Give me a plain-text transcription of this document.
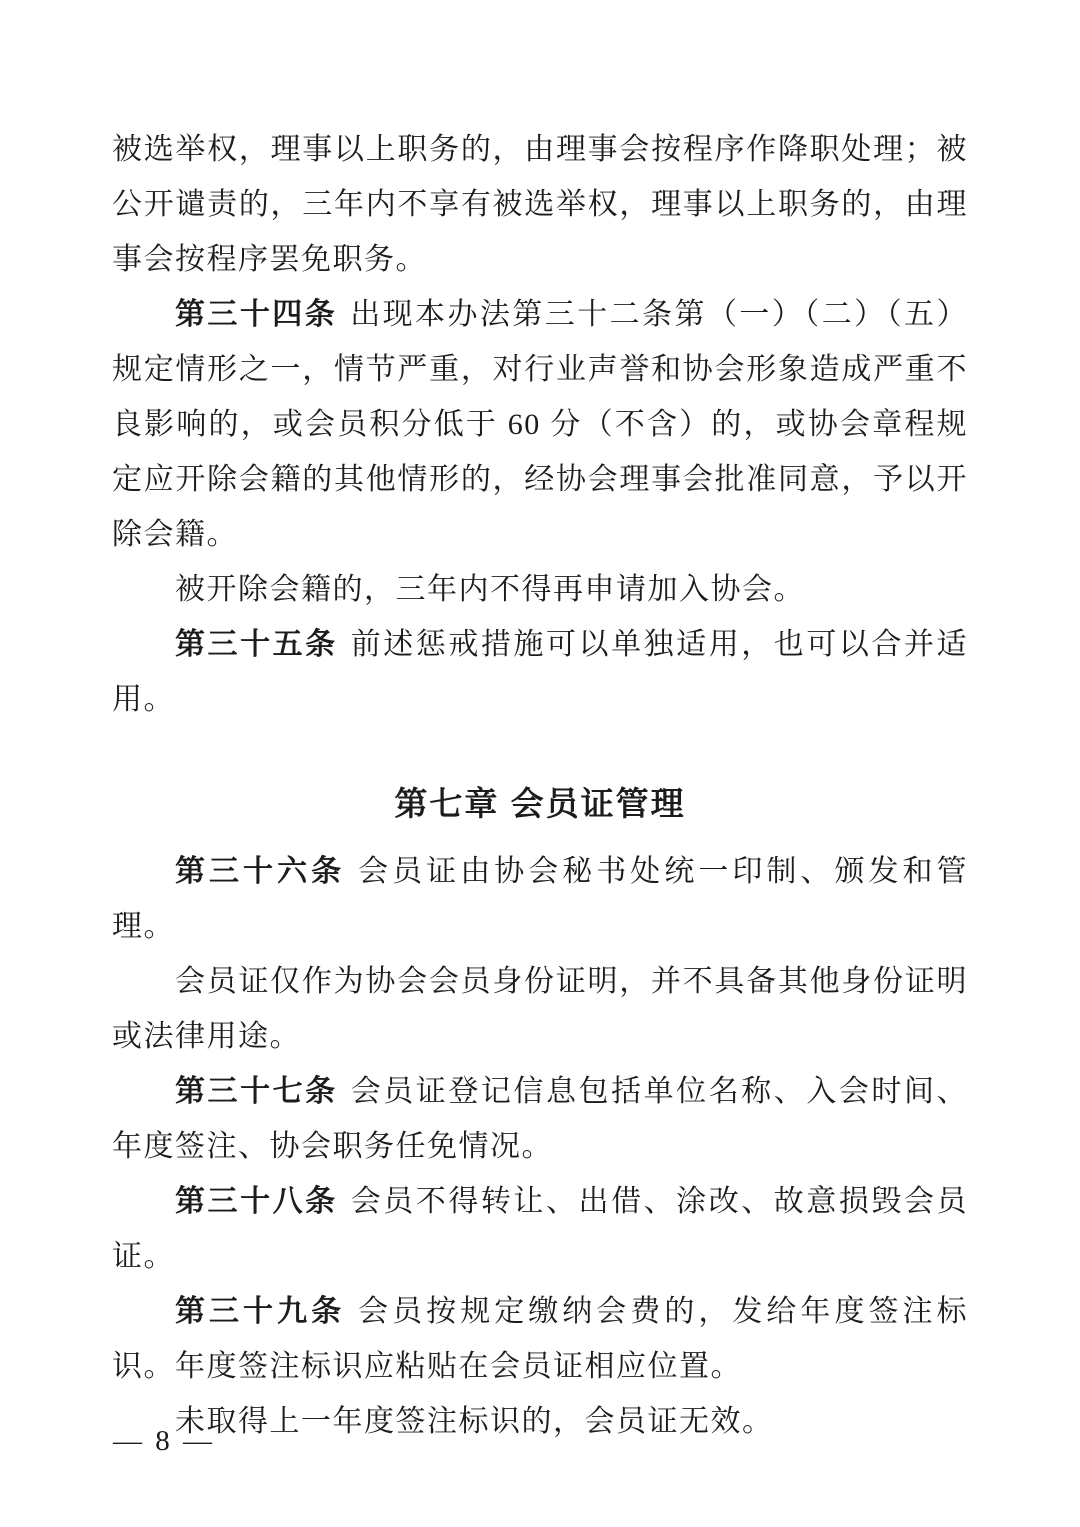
被选举权，理事以上职务的，由理事会按程序作降职处理；被公开谴责的，三年内不享有被选举权，理事以上职务的，由理事会按程序罢免职务。

第三十四条 出现本办法第三十二条第（一）（二）（五）规定情形之一，情节严重，对行业声誉和协会形象造成严重不良影响的，或会员积分低于 60 分（不含）的，或协会章程规定应开除会籍的其他情形的，经协会理事会批准同意，予以开除会籍。

被开除会籍的，三年内不得再申请加入协会。

第三十五条 前述惩戒措施可以单独适用，也可以合并适用。

第七章 会员证管理

第三十六条 会员证由协会秘书处统一印制、颁发和管理。

会员证仅作为协会会员身份证明，并不具备其他身份证明或法律用途。

第三十七条 会员证登记信息包括单位名称、入会时间、年度签注、协会职务任免情况。

第三十八条 会员不得转让、出借、涂改、故意损毁会员证。

第三十九条 会员按规定缴纳会费的，发给年度签注标识。年度签注标识应粘贴在会员证相应位置。

未取得上一年度签注标识的，会员证无效。

— 8 —
